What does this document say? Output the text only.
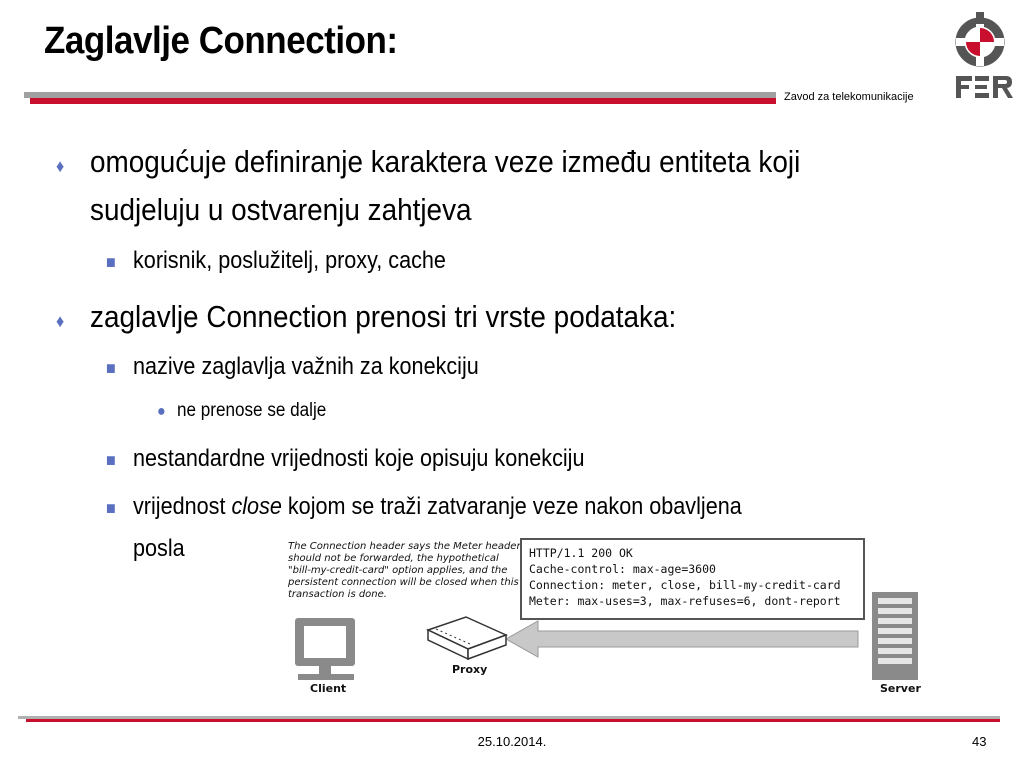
Zaglavlje Connection:
Zavod za telekomunikacije
♦ omogućuje definiranje karaktera veze između entiteta koji
sudjeluju u ostvarenju zahtjeva
■ korisnik, poslužitelj, proxy, cache
♦ zaglavlje Connection prenosi tri vrste podataka:
■ nazive zaglavlja važnih za konekciju
● ne prenose se dalje
■ nestandardne vrijednosti koje opisuju konekciju
■ vrijednost close kojom se traži zatvaranje veze nakon obavljena
posla	The Connection header says the Meter header should not be forwarded, the hypothetical "bill-my-credit-card" option applies, and the persistent connection will be closed when this transaction is done.
HTTP/1.1 200 OK Cache-control: max-age=3600 Connection: meter, close, bill-my-credit-card Meter: max-uses=3, max-refuses=6, dont-report
Client
Proxy
Server
25.10.2014.	43
